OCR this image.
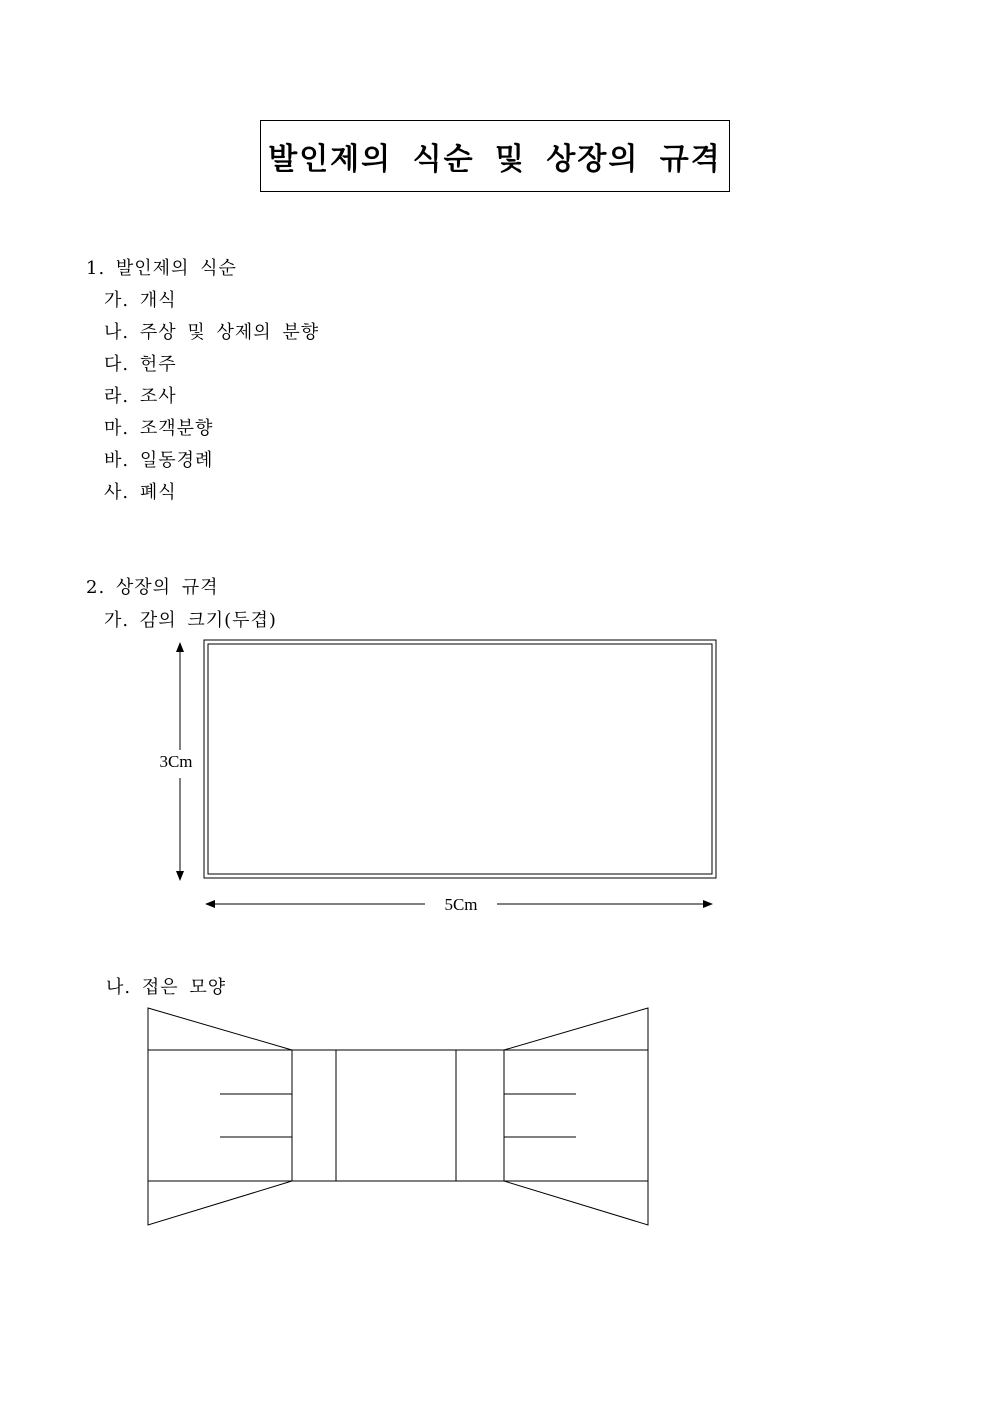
발인제의 식순 및 상장의 규격
1. 발인제의 식순
가. 개식
나. 주상 및 상제의 분향
다. 헌주
라. 조사
마. 조객분향
바. 일동경례
사. 폐식
2. 상장의 규격
가. 감의 크기(두겹)
3Cm
5Cm
나. 접은 모양
